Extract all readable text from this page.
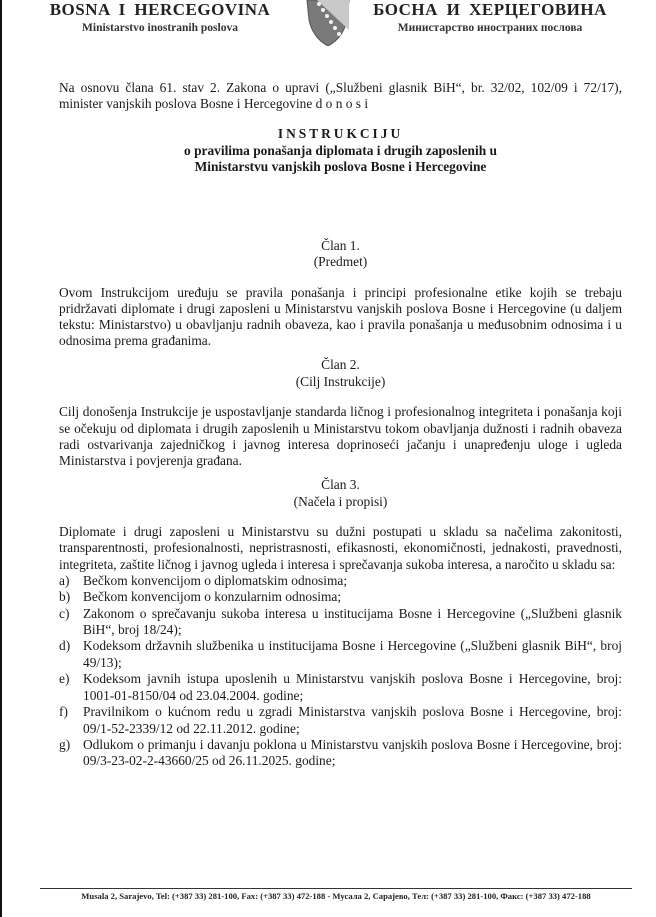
BOSNA I HERCEGOVINA
Ministarstvo inostranih poslova
БОСНА И ХЕРЦЕГОВИНА
Министарство иностраних послова

Na osnovu člana 61. stav 2. Zakona o upravi („Službeni glasnik BiH“, br. 32/02, 102/09 i 72/17), minister vanjskih poslova Bosne i Hercegovine d o n o s i

INSTRUKCIJU
o pravilima ponašanja diplomata i drugih zaposlenih u
Ministarstvu vanjskih poslova Bosne i Hercegovine
Član 1.
(Predmet)

Ovom Instrukcijom uređuju se pravila ponašanja i principi profesionalne etike kojih se trebaju pridržavati diplomate i drugi zaposleni u Ministarstvu vanjskih poslova Bosne i Hercegovine (u daljem tekstu: Ministarstvo) u obavljanju radnih obaveza, kao i pravila ponašanja u međusobnim odnosima i u odnosima prema građanima.

Član 2.
(Cilj Instrukcije)

Cilj donošenja Instrukcije je uspostavljanje standarda ličnog i profesionalnog integriteta i ponašanja koji se očekuju od diplomata i drugih zaposlenih u Ministarstvu tokom obavljanja dužnosti i radnih obaveza radi ostvarivanja zajedničkog i javnog interesa doprinoseći jačanju i unapređenju uloge i ugleda Ministarstva i povjerenja građana.

Član 3.
(Načela i propisi)

Diplomate i drugi zaposleni u Ministarstvu su dužni postupati u skladu sa načelima zakonitosti, transparentnosti, profesionalnosti, nepristrasnosti, efikasnosti, ekonomičnosti, jednakosti, pravednosti, integriteta, zaštite ličnog i javnog ugleda i interesa i sprečavanja sukoba interesa, a naročito u skladu sa:

a) Bečkom konvencijom o diplomatskim odnosima;
b) Bečkom konvencijom o konzularnim odnosima;
c) Zakonom o sprečavanju sukoba interesa u institucijama Bosne i Hercegovine („Službeni glasnik BiH“, broj 18/24);
d) Kodeksom državnih službenika u institucijama Bosne i Hercegovine („Službeni glasnik BiH“, broj 49/13);
e) Kodeksom javnih istupa uposlenih u Ministarstvu vanjskih poslova Bosne i Hercegovine, broj: 1001-01-8150/04 od 23.04.2004. godine;
f) Pravilnikom o kućnom redu u zgradi Ministarstva vanjskih poslova Bosne i Hercegovine, broj: 09/1-52-2339/12 od 22.11.2012. godine;
g) Odlukom o primanju i davanju poklona u Ministarstvu vanjskih poslova Bosne i Hercegovine, broj: 09/3-23-02-2-43660/25 od 26.11.2025. godine;
Musala 2, Sarajevo, Tel: (+387 33) 281-100, Fax: (+387 33) 472-188 - Мусала 2, Сарајево, Тел: (+387 33) 281-100, Факс: (+387 33) 472-188
